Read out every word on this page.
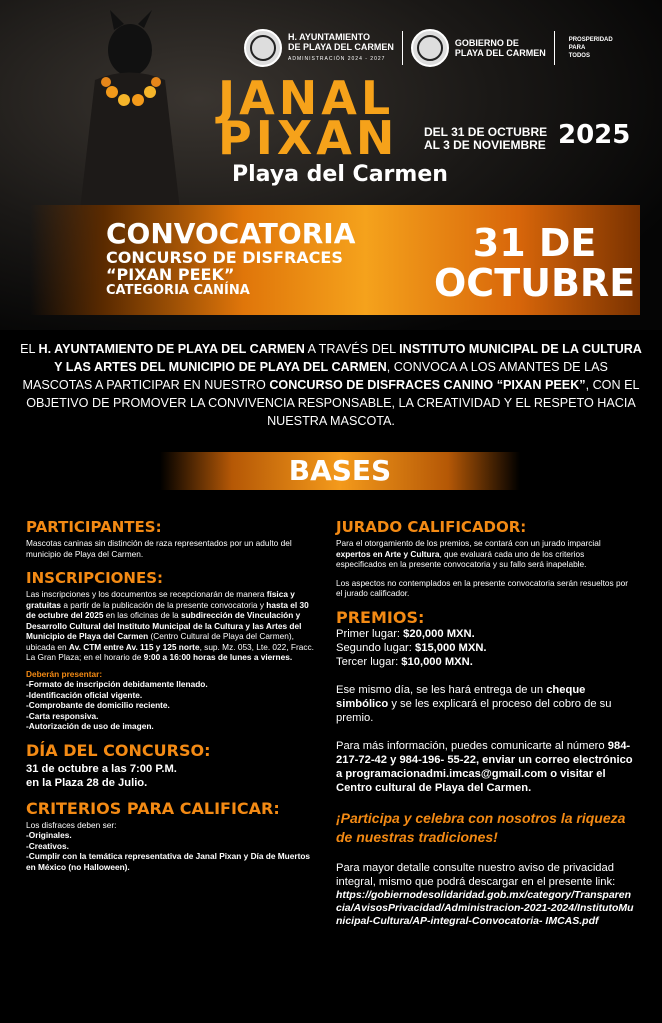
H. AYUNTAMIENTO
DE PLAYA DEL CARMEN
ADMINISTRACIÓN 2024 - 2027
GOBIERNO DE
PLAYA DEL CARMEN
PROSPERIDAD
PARA
TODOS
JANAL
PIXAN
Playa del Carmen
DEL 31 DE OCTUBRE
AL 3 DE NOVIEMBRE 2025
CONVOCATORIA
CONCURSO DE DISFRACES
“PIXAN PEEK”
CATEGORIA CANÍNA
31 DE
OCTUBRE
EL H. AYUNTAMIENTO DE PLAYA DEL CARMEN A TRAVÉS DEL INSTITUTO MUNICIPAL DE LA CULTURA Y LAS ARTES DEL MUNICIPIO DE PLAYA DEL CARMEN, CONVOCA A LOS AMANTES DE LAS MASCOTAS A PARTICIPAR EN NUESTRO CONCURSO DE DISFRACES CANINO “PIXAN PEEK”, CON EL OBJETIVO DE PROMOVER LA CONVIVENCIA RESPONSABLE, LA CREATIVIDAD Y EL RESPETO HACIA NUESTRA MASCOTA.
BASES
PARTICIPANTES:

Mascotas caninas sin distinción de raza representados por un adulto del municipio de Playa del Carmen.

INSCRIPCIONES:

Las inscripciones y los documentos se recepcionarán de manera física y gratuitas a partir de la publicación de la presente convocatoria y hasta el 30 de octubre del 2025 en las oficinas de la subdirección de Vinculación y Desarrollo Cultural del Instituto Municipal de la Cultura y las Artes del Municipio de Playa del Carmen (Centro Cultural de Playa del Carmen), ubicada en Av. CTM entre Av. 115 y 125 norte, sup. Mz. 053, Lte. 022, Fracc. La Gran Plaza; en el horario de 9:00 a 16:00 horas de lunes a viernes.

Deberán presentar:

-Formato de inscripción debidamente llenado.
-Identificación oficial vigente.
-Comprobante de domicilio reciente.
-Carta responsiva.
-Autorización de uso de imagen.
DÍA DEL CONCURSO:

31 de octubre a las 7:00 P.M.

en la Plaza 28 de Julio.

CRITERIOS PARA CALIFICAR:

Los disfraces deben ser:

-Originales.
-Creativos.
-Cumplir con la temática representativa de Janal Pixan y Día de Muertos en México (no Halloween).
JURADO CALIFICADOR:

Para el otorgamiento de los premios, se contará con un jurado imparcial expertos en Arte y Cultura, que evaluará cada uno de los criterios especificados en la presente convocatoria y su fallo será inapelable.

Los aspectos no contemplados en la presente convocatoria serán resueltos por el jurado calificador.

PREMIOS:

Primer lugar: $20,000 MXN.

Segundo lugar: $15,000 MXN.

Tercer lugar: $10,000 MXN.

Ese mismo día, se les hará entrega de un cheque simbólico y se les explicará el proceso del cobro de su premio.

Para más información, puedes comunicarte al número 984-217-72-42 y 984-196- 55-22, enviar un correo electrónico a programacionadmi.imcas@gmail.com o visitar el Centro cultural de Playa del Carmen.

¡Participa y celebra con nosotros la riqueza de nuestras tradiciones!

Para mayor detalle consulte nuestro aviso de privacidad integral, mismo que podrá descargar en el presente link:

https://gobiernodesolidaridad.gob.mx/category/Transparencia/AvisosPrivacidad/Administracion-2021-2024/InstitutoMunicipal-Cultura/AP-integral-Convocatoria- IMCAS.pdf
